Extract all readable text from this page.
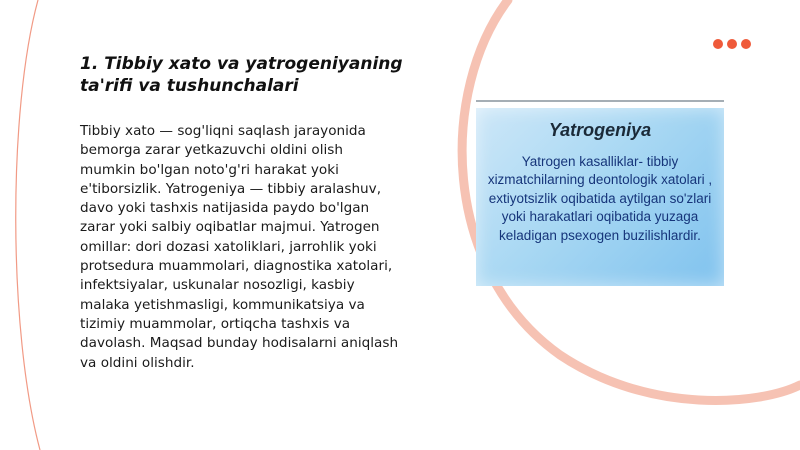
1. Tibbiy xato va yatrogeniyaning ta'rifi va tushunchalari

Tibbiy xato — sog'liqni saqlash jarayonida bemorga zarar yetkazuvchi oldini olish mumkin bo'lgan noto'g'ri harakat yoki e'tiborsizlik. Yatrogeniya — tibbiy aralashuv, davo yoki tashxis natijasida paydo bo'lgan zarar yoki salbiy oqibatlar majmui. Yatrogen omillar: dori dozasi xatoliklari, jarrohlik yoki protsedura muammolari, diagnostika xatolari, infektsiyalar, uskunalar nosozligi, kasbiy malaka yetishmasligi, kommunikatsiya va tizimiy muammolar, ortiqcha tashxis va davolash. Maqsad bunday hodisalarni aniqlash va oldini olishdir.

Yatrogeniya
Yatrogen kasalliklar- tibbiy xizmatchilarning deontologik xatolari , extiyotsizlik oqibatida aytilgan so'zlari yoki harakatlari oqibatida yuzaga keladigan psexogen buzilishlardir.
